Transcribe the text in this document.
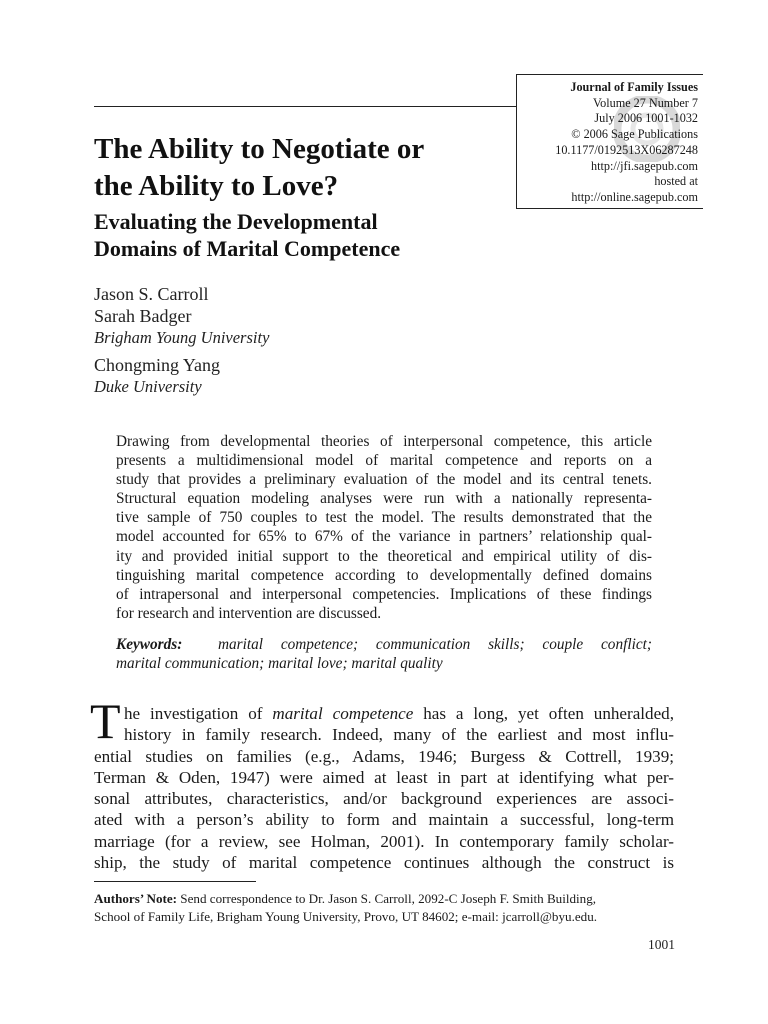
Journal of Family Issues
Volume 27 Number 7
July 2006 1001-1032
© 2006 Sage Publications
10.1177/0192513X06287248
http://jfi.sagepub.com
hosted at
http://online.sagepub.com
The Ability to Negotiate or
the Ability to Love?
Evaluating the Developmental
Domains of Marital Competence
Jason S. Carroll
Sarah Badger
Brigham Young University
Chongming Yang
Duke University
Drawing from developmental theories of interpersonal competence, this article
presents a multidimensional model of marital competence and reports on a
study that provides a preliminary evaluation of the model and its central tenets.
Structural equation modeling analyses were run with a nationally representa-
tive sample of 750 couples to test the model. The results demonstrated that the
model accounted for 65% to 67% of the variance in partners’ relationship qual-
ity and provided initial support to the theoretical and empirical utility of dis-
tinguishing marital competence according to developmentally defined domains
of intrapersonal and interpersonal competencies. Implications of these findings
for research and intervention are discussed.
Keywords: marital competence; communication skills; couple conflict;
marital communication; marital love; marital quality
T he investigation of marital competence has a long, yet often unheralded,
history in family research. Indeed, many of the earliest and most influ-
ential studies on families (e.g., Adams, 1946; Burgess & Cottrell, 1939;
Terman & Oden, 1947) were aimed at least in part at identifying what per-
sonal attributes, characteristics, and/or background experiences are associ-
ated with a person’s ability to form and maintain a successful, long-term
marriage (for a review, see Holman, 2001). In contemporary family scholar-
ship, the study of marital competence continues although the construct is
Authors’ Note: Send correspondence to Dr. Jason S. Carroll, 2092-C Joseph F. Smith Building,
School of Family Life, Brigham Young University, Provo, UT 84602; e-mail: jcarroll@byu.edu.
1001
